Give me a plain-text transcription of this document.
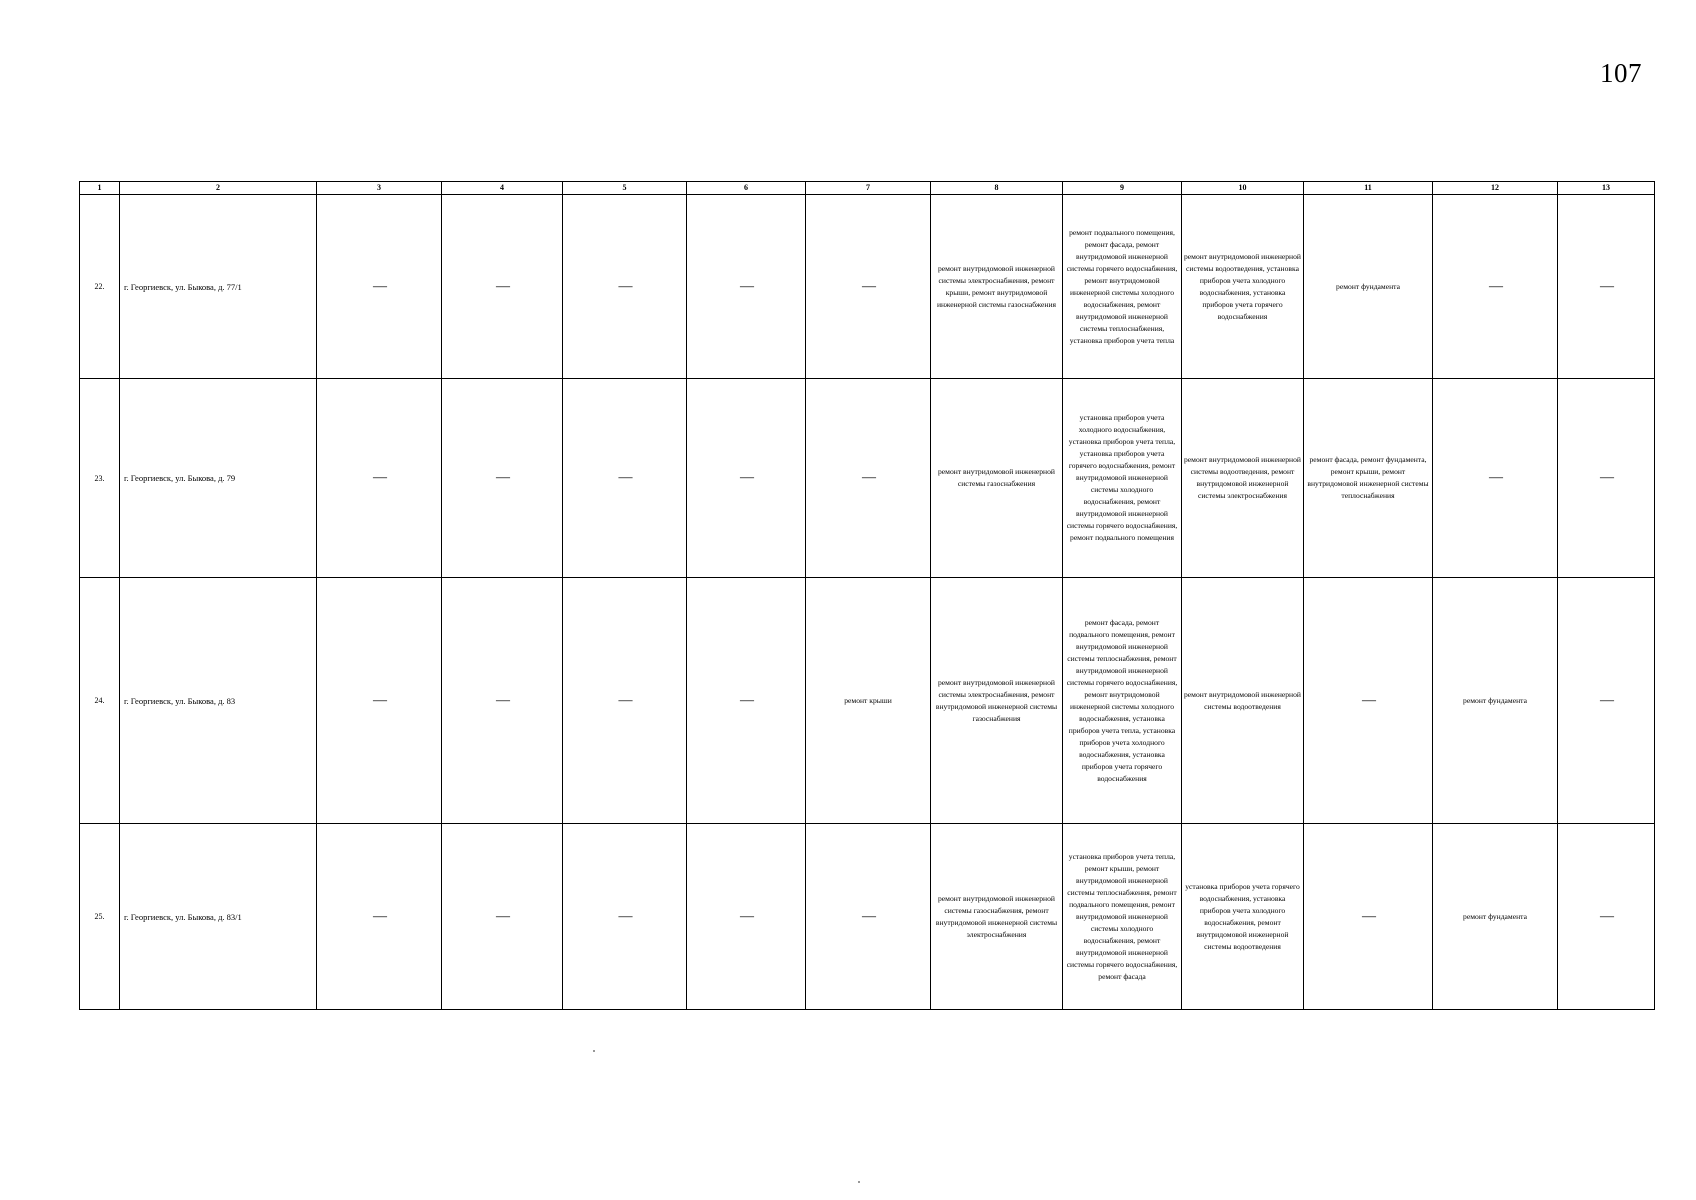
107
1	2	3	4	5	6	7	8	9	10	11	12	13
22.	г. Георгиевск, ул. Быкова, д. 77/1	—	—	—	—	—	ремонт внутридомовой инженерной системы электроснабжения, ремонт крыши, ремонт внутридомовой инженерной системы газоснабжения	ремонт подвального помещения, ремонт фасада, ремонт внутридомовой инженерной системы горячего водоснабжения, ремонт внутридомовой инженерной системы холодного водоснабжения, ремонт внутридомовой инженерной системы теплоснабжения, установка приборов учета тепла	ремонт внутридомовой инженерной системы водоотведения, установка приборов учета холодного водоснабжения, установка приборов учета горячего водоснабжения	ремонт фундамента	—	—
23.	г. Георгиевск, ул. Быкова, д. 79	—	—	—	—	—	ремонт внутридомовой инженерной системы газоснабжения	установка приборов учета холодного водоснабжения, установка приборов учета тепла, установка приборов учета горячего водоснабжения, ремонт внутридомовой инженерной системы холодного водоснабжения, ремонт внутридомовой инженерной системы горячего водоснабжения, ремонт подвального помещения	ремонт внутридомовой инженерной системы водоотведения, ремонт внутридомовой инженерной системы электроснабжения	ремонт фасада, ремонт фундамента, ремонт крыши, ремонт внутридомовой инженерной системы теплоснабжения	—	—
24.	г. Георгиевск, ул. Быкова, д. 83	—	—	—	—	ремонт крыши	ремонт внутридомовой инженерной системы электроснабжения, ремонт внутридомовой инженерной системы газоснабжения	ремонт фасада, ремонт подвального помещения, ремонт внутридомовой инженерной системы теплоснабжения, ремонт внутридомовой инженерной системы горячего водоснабжения, ремонт внутридомовой инженерной системы холодного водоснабжения, установка приборов учета тепла, установка приборов учета холодного водоснабжения, установка приборов учета горячего водоснабжения	ремонт внутридомовой инженерной системы водоотведения	—	ремонт фундамента	—
25.	г. Георгиевск, ул. Быкова, д. 83/1	—	—	—	—	—	ремонт внутридомовой инженерной системы газоснабжения, ремонт внутридомовой инженерной системы электроснабжения	установка приборов учета тепла, ремонт крыши, ремонт внутридомовой инженерной системы теплоснабжения, ремонт подвального помещения, ремонт внутридомовой инженерной системы холодного водоснабжения, ремонт внутридомовой инженерной системы горячего водоснабжения, ремонт фасада	установка приборов учета горячего водоснабжения, установка приборов учета холодного водоснабжения, ремонт внутридомовой инженерной системы водоотведения	—	ремонт фундамента	—
